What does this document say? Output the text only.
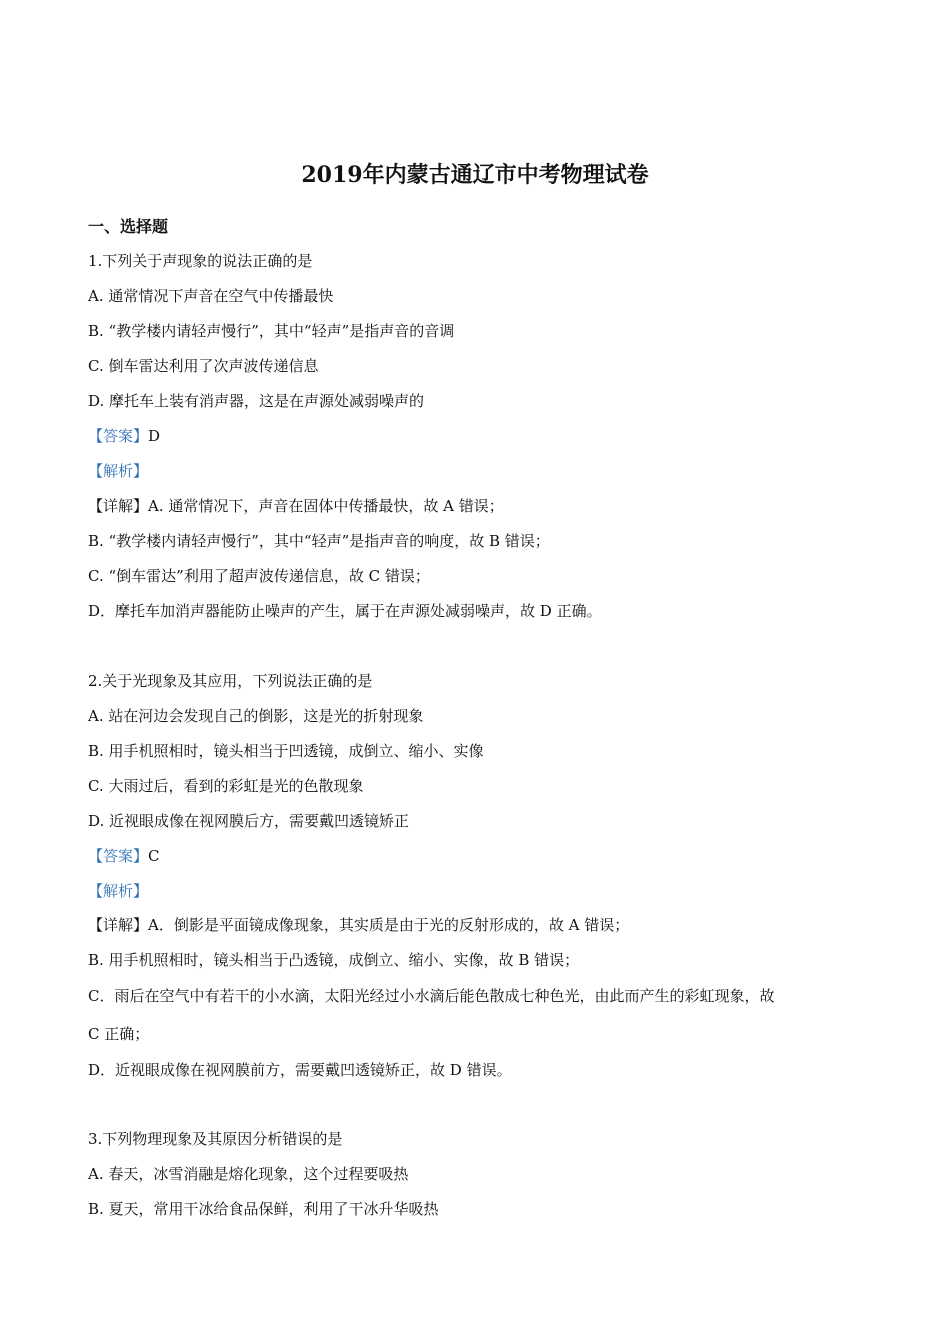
2019年内蒙古通辽市中考物理试卷
一、选择题
1.下列关于声现象的说法正确的是
A. 通常情况下声音在空气中传播最快
B. “教学楼内请轻声慢行”，其中“轻声”是指声音的音调
C. 倒车雷达利用了次声波传递信息
D. 摩托车上装有消声器，这是在声源处减弱噪声的
【答案】D
【解析】
【详解】A. 通常情况下，声音在固体中传播最快，故 A 错误；
B. “教学楼内请轻声慢行”，其中“轻声”是指声音的响度，故 B 错误；
C. “倒车雷达”利用了超声波传递信息，故 C 错误；
D．摩托车加消声器能防止噪声的产生，属于在声源处减弱噪声，故 D 正确。
2.关于光现象及其应用，下列说法正确的是
A. 站在河边会发现自己的倒影，这是光的折射现象
B. 用手机照相时，镜头相当于凹透镜，成倒立、缩小、实像
C. 大雨过后，看到的彩虹是光的色散现象
D. 近视眼成像在视网膜后方，需要戴凹透镜矫正
【答案】C
【解析】
【详解】A．倒影是平面镜成像现象，其实质是由于光的反射形成的，故 A 错误；
B. 用手机照相时，镜头相当于凸透镜，成倒立、缩小、实像，故 B 错误；
C．雨后在空气中有若干的小水滴，太阳光经过小水滴后能色散成七种色光，由此而产生的彩虹现象，故
C 正确；
D．近视眼成像在视网膜前方，需要戴凹透镜矫正，故 D 错误。
3.下列物理现象及其原因分析错误的是
A. 春天，冰雪消融是熔化现象，这个过程要吸热
B. 夏天，常用干冰给食品保鲜，利用了干冰升华吸热
